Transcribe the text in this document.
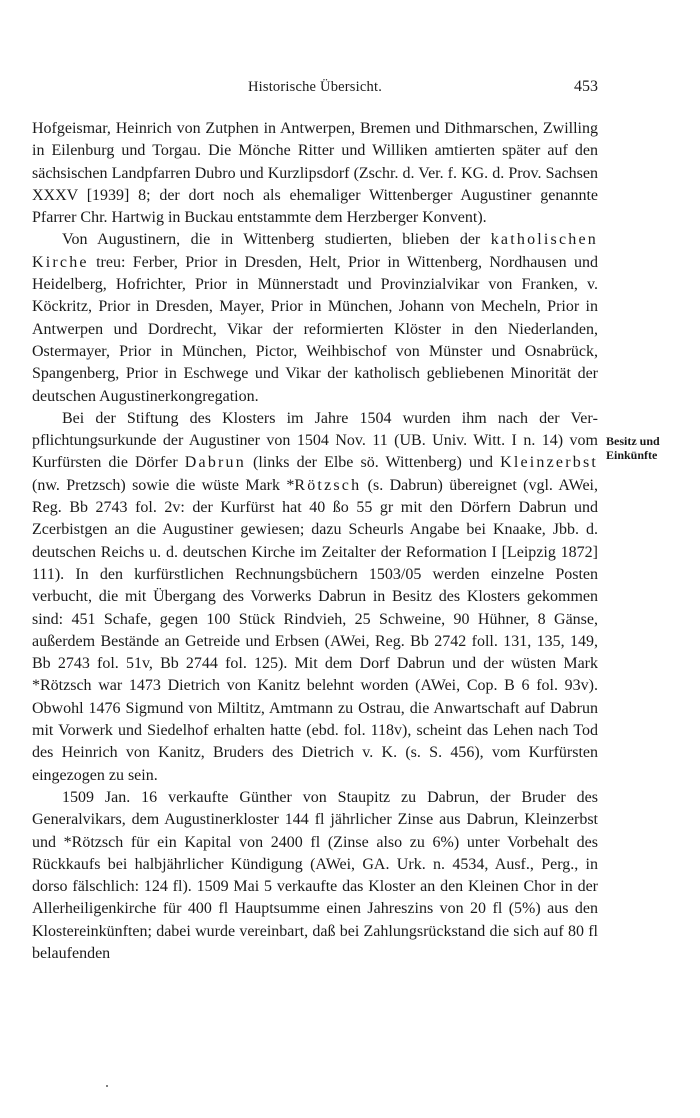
Historische Übersicht.	453

Hofgeismar, Heinrich von Zutphen in Antwerpen, Bremen und Dithmarschen, Zwilling in Eilenburg und Torgau. Die Mönche Ritter und Williken amtierten später auf den sächsischen Landpfarren Dubro und Kurzlipsdorf (Zschr. d. Ver. f. KG. d. Prov. Sachsen XXXV [1939] 8; der dort noch als ehemaliger Wittenberger Augustiner genannte Pfarrer Chr. Hartwig in Buckau entstammte dem Herzberger Konvent).

Von Augustinern, die in Wittenberg studierten, blieben der katholischen Kirche treu: Ferber, Prior in Dresden, Helt, Prior in Wittenberg, Nordhausen und Heidelberg, Hofrichter, Prior in Münnerstadt und Provinzialvikar von Franken, v. Köckritz, Prior in Dresden, Mayer, Prior in München, Johann von Mecheln, Prior in Antwerpen und Dordrecht, Vikar der reformierten Klöster in den Niederlanden, Ostermayer, Prior in München, Pictor, Weihbischof von Münster und Osnabrück, Spangenberg, Prior in Eschwege und Vikar der katholisch gebliebenen Minorität der deutschen Augustinerkongregation.

Bei der Stiftung des Klosters im Jahre 1504 wurden ihm nach der Verpflichtungsurkunde der Augustiner von 1504 Nov. 11 (UB. Univ. Witt. I n. 14) vom Kurfürsten die Dörfer Dabrun (links der Elbe sö. Wittenberg) und Kleinzerbst (nw. Pretzsch) sowie die wüste Mark *Rötzsch (s. Dabrun) übereignet (vgl. AWei, Reg. Bb 2743 fol. 2v: der Kurfürst hat 40 ßo 55 gr mit den Dörfern Dabrun und Zcerbistgen an die Augustiner gewiesen; dazu Scheurls Angabe bei Knaake, Jbb. d. deutschen Reichs u. d. deutschen Kirche im Zeitalter der Reformation I [Leipzig 1872] 111). In den kurfürstlichen Rechnungsbüchern 1503/05 werden einzelne Posten verbucht, die mit Übergang des Vorwerks Dabrun in Besitz des Klosters gekommen sind: 451 Schafe, gegen 100 Stück Rindvieh, 25 Schweine, 90 Hühner, 8 Gänse, außerdem Bestände an Getreide und Erbsen (AWei, Reg. Bb 2742 foll. 131, 135, 149, Bb 2743 fol. 51v, Bb 2744 fol. 125). Mit dem Dorf Dabrun und der wüsten Mark *Rötzsch war 1473 Dietrich von Kanitz belehnt worden (AWei, Cop. B 6 fol. 93v). Obwohl 1476 Sigmund von Miltitz, Amtmann zu Ostrau, die Anwartschaft auf Dabrun mit Vorwerk und Siedelhof erhalten hatte (ebd. fol. 118v), scheint das Lehen nach Tod des Heinrich von Kanitz, Bruders des Dietrich v. K. (s. S. 456), vom Kurfürsten eingezogen zu sein.

1509 Jan. 16 verkaufte Günther von Staupitz zu Dabrun, der Bruder des Generalvikars, dem Augustinerkloster 144 fl jährlicher Zinse aus Dabrun, Kleinzerbst und *Rötzsch für ein Kapital von 2400 fl (Zinse also zu 6%) unter Vorbehalt des Rückkaufs bei halbjährlicher Kündigung (AWei, GA. Urk. n. 4534, Ausf., Perg., in dorso fälschlich: 124 fl). 1509 Mai 5 verkaufte das Kloster an den Kleinen Chor in der Allerheiligenkirche für 400 fl Hauptsumme einen Jahreszins von 20 fl (5%) aus den Klostereinkünften; dabei wurde vereinbart, daß bei Zahlungsrückstand die sich auf 80 fl belaufenden

Besitz und
Einkünfte
